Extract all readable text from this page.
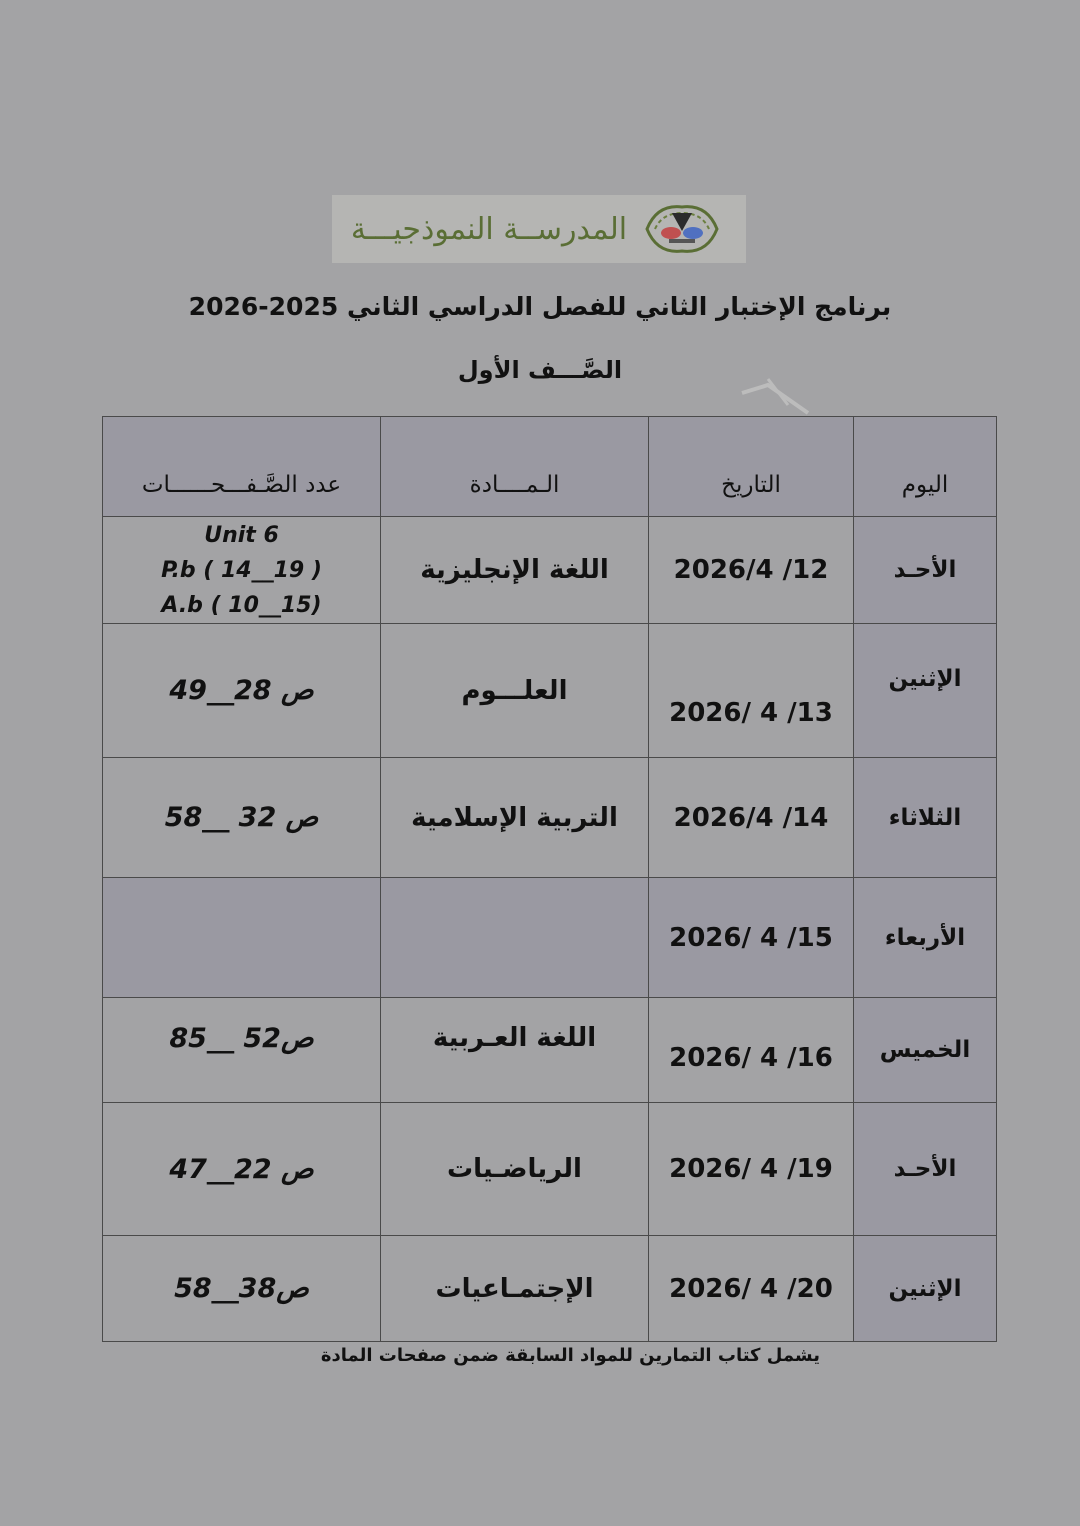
المدرســة النموذجيـــة
برنامج الإختبار الثاني للفصل الدراسي الثاني 2025-2026
الصَّـــف الأول
اليوم	التاريخ	الـمــــادة	عدد الصَّـفـــحــــــات
الأحـد	2026/4 /12	اللغة الإنجليزية	Unit 6
P.b ( 14__19 )
A.b ( 10__15)

الإثنين	2026/ 4 /13	العلـــوم	ص 28__49
الثلاثاء	2026/4 /14	التربية الإسلامية	ص 32 __58
الأربعاء	2026/ 4 /15		
الخميس	2026/ 4 /16	اللغة العـربية	ص52 __85
الأحـد	2026/ 4 /19	الرياضـيات	ص 22__47
الإثنين	2026/ 4 /20	الإجتمـاعيات	ص38__58
يشمل كتاب التمارين للمواد السابقة ضمن صفحات المادة
